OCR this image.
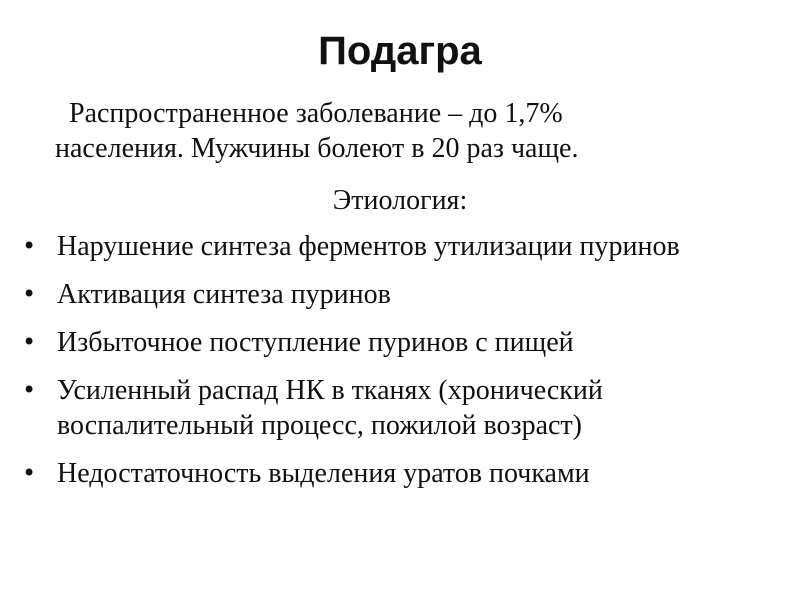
Подагра
Распространенное заболевание – до 1,7%
населения. Мужчины болеют в 20 раз чаще.
Этиология:
• Нарушение синтеза ферментов утилизации пуринов
• Активация синтеза пуринов
• Избыточное поступление пуринов с пищей
• Усиленный распад НК в тканях (хронический воспалительный процесс, пожилой возраст)
• Недостаточность выделения уратов почками
